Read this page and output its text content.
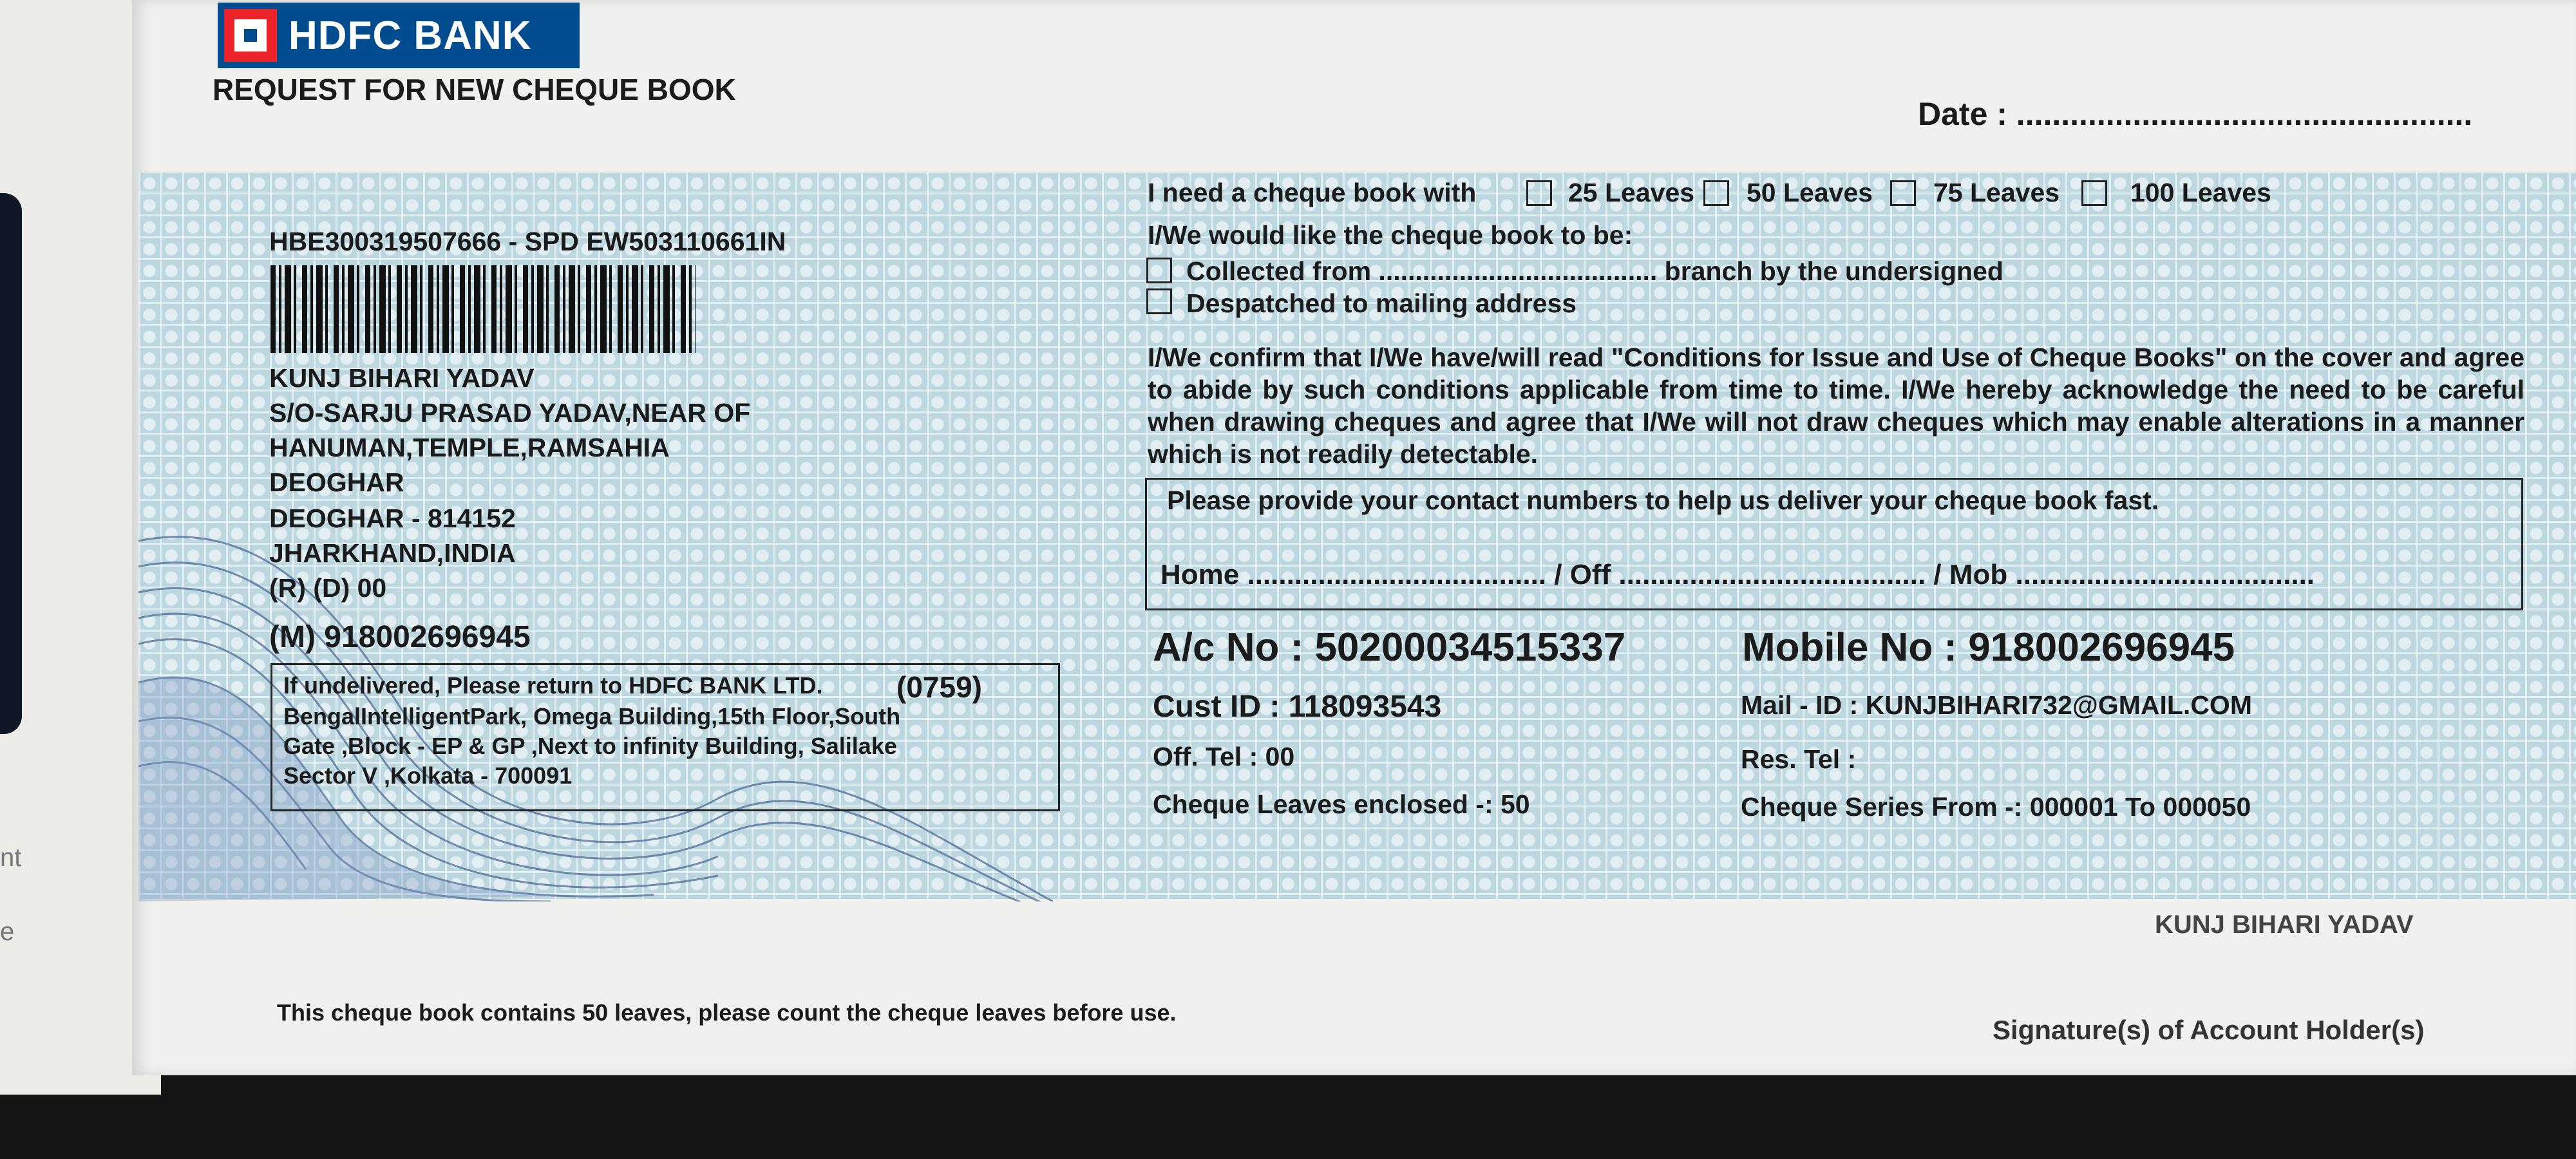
nt
e
HDFC BANK
REQUEST FOR NEW CHEQUE BOOK
Date : ...................................................
I need a cheque book with	25 Leaves 50 Leaves 75 Leaves	100 Leaves
I/We would like the cheque book to be:
Collected from ...................................... branch by the undersigned
Despatched to mailing address
I/We confirm that I/We have/will read "Conditions for Issue and Use of Cheque Books" on the cover and agree to abide by such conditions applicable from time to time. I/We hereby acknowledge the need to be careful when drawing cheques and agree that I/We will not draw cheques which may enable alterations in a manner which is not readily detectable.
Please provide your contact numbers to help us deliver your cheque book fast.
Home ...................................... / Off ....................................... / Mob ......................................
HBE300319507666 - SPD EW503110661IN
KUNJ BIHARI YADAV
S/O-SARJU PRASAD YADAV,NEAR OF
HANUMAN,TEMPLE,RAMSAHIA
DEOGHAR
DEOGHAR - 814152
JHARKHAND,INDIA
(R) (D) 00
(M) 918002696945
If undelivered, Please return to HDFC BANK LTD. (0759)
BengalIntelligentPark, Omega Building,15th Floor,South
Gate ,Block - EP & GP ,Next to infinity Building, Salilake
Sector V ,Kolkata - 700091
A/c No : 50200034515337
Cust ID : 118093543
Off. Tel : 00
Cheque Leaves enclosed -: 50
Mobile No : 918002696945
Mail - ID : KUNJBIHARI732@GMAIL.COM
Res. Tel :
Cheque Series From -: 000001 To 000050
This cheque book contains 50 leaves, please count the cheque leaves before use.
KUNJ BIHARI YADAV
Signature(s) of Account Holder(s)
